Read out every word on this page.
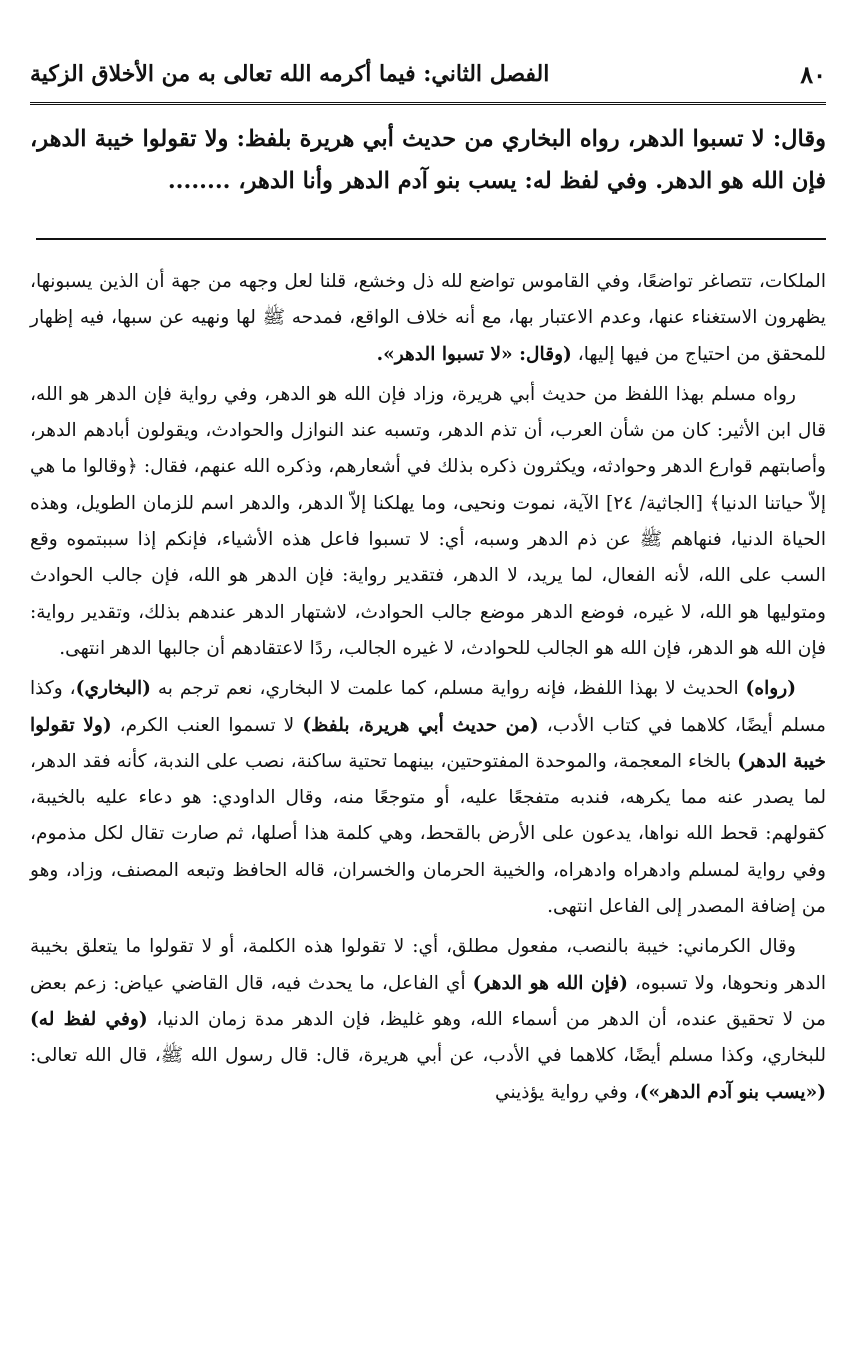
٨٠
الفصل الثاني: فيما أكرمه الله تعالى به من الأخلاق الزكية
وقال: لا تسبوا الدهر، رواه البخاري من حديث أبي هريرة بلفظ: ولا تقولوا خيبة الدهر، فإن الله هو الدهر. وفي لفظ له: يسب بنو آدم الدهر وأنا الدهر، ........

الملكات، تتصاغر تواضعًا، وفي القاموس تواضع لله ذل وخشع، قلنا لعل وجهه من جهة أن الذين يسبونها، يظهرون الاستغناء عنها، وعدم الاعتبار بها، مع أنه خلاف الواقع، فمدحه ﷺ لها ونهيه عن سبها، فيه إظهار للمحقق من احتياج من فيها إليها، (وقال: «لا تسبوا الدهر».

رواه مسلم بهذا اللفظ من حديث أبي هريرة، وزاد فإن الله هو الدهر، وفي رواية فإن الدهر هو الله، قال ابن الأثير: كان من شأن العرب، أن تذم الدهر، وتسبه عند النوازل والحوادث، ويقولون أبادهم الدهر، وأصابتهم قوارع الدهر وحوادثه، ويكثرون ذكره بذلك في أشعارهم، وذكره الله عنهم، فقال: ﴿وقالوا ما هي إلاّ حياتنا الدنيا﴾ [الجاثية/ ٢٤] الآية، نموت ونحيى، وما يهلكنا إلاّ الدهر، والدهر اسم للزمان الطويل، وهذه الحياة الدنيا، فنهاهم ﷺ عن ذم الدهر وسبه، أي: لا تسبوا فاعل هذه الأشياء، فإنكم إذا سببتموه وقع السب على الله، لأنه الفعال، لما يريد، لا الدهر، فتقدير رواية: فإن الدهر هو الله، فإن جالب الحوادث ومتوليها هو الله، لا غيره، فوضع الدهر موضع جالب الحوادث، لاشتهار الدهر عندهم بذلك، وتقدير رواية: فإن الله هو الدهر، فإن الله هو الجالب للحوادث، لا غيره الجالب، ردًا لاعتقادهم أن جالبها الدهر انتهى.

(رواه) الحديث لا بهذا اللفظ، فإنه رواية مسلم، كما علمت لا البخاري، نعم ترجم به (البخاري)، وكذا مسلم أيضًا، كلاهما في كتاب الأدب، (من حديث أبي هريرة، بلفظ) لا تسموا العنب الكرم، (ولا تقولوا خيبة الدهر) بالخاء المعجمة، والموحدة المفتوحتين، بينهما تحتية ساكنة، نصب على الندبة، كأنه فقد الدهر، لما يصدر عنه مما يكرهه، فندبه متفجعًا عليه، أو متوجعًا منه، وقال الداودي: هو دعاء عليه بالخيبة، كقولهم: قحط الله نواها، يدعون على الأرض بالقحط، وهي كلمة هذا أصلها، ثم صارت تقال لكل مذموم، وفي رواية لمسلم وادهراه وادهراه، والخيبة الحرمان والخسران، قاله الحافظ وتبعه المصنف، وزاد، وهو من إضافة المصدر إلى الفاعل انتهى.

وقال الكرماني: خيبة بالنصب، مفعول مطلق، أي: لا تقولوا هذه الكلمة، أو لا تقولوا ما يتعلق بخيبة الدهر ونحوها، ولا تسبوه، (فإن الله هو الدهر) أي الفاعل، ما يحدث فيه، قال القاضي عياض: زعم بعض من لا تحقيق عنده، أن الدهر من أسماء الله، وهو غليظ، فإن الدهر مدة زمان الدنيا، (وفي لفظ له) للبخاري، وكذا مسلم أيضًا، كلاهما في الأدب، عن أبي هريرة، قال: قال رسول الله ﷺ، قال الله تعالى: («يسب بنو آدم الدهر»)، وفي رواية يؤذيني
